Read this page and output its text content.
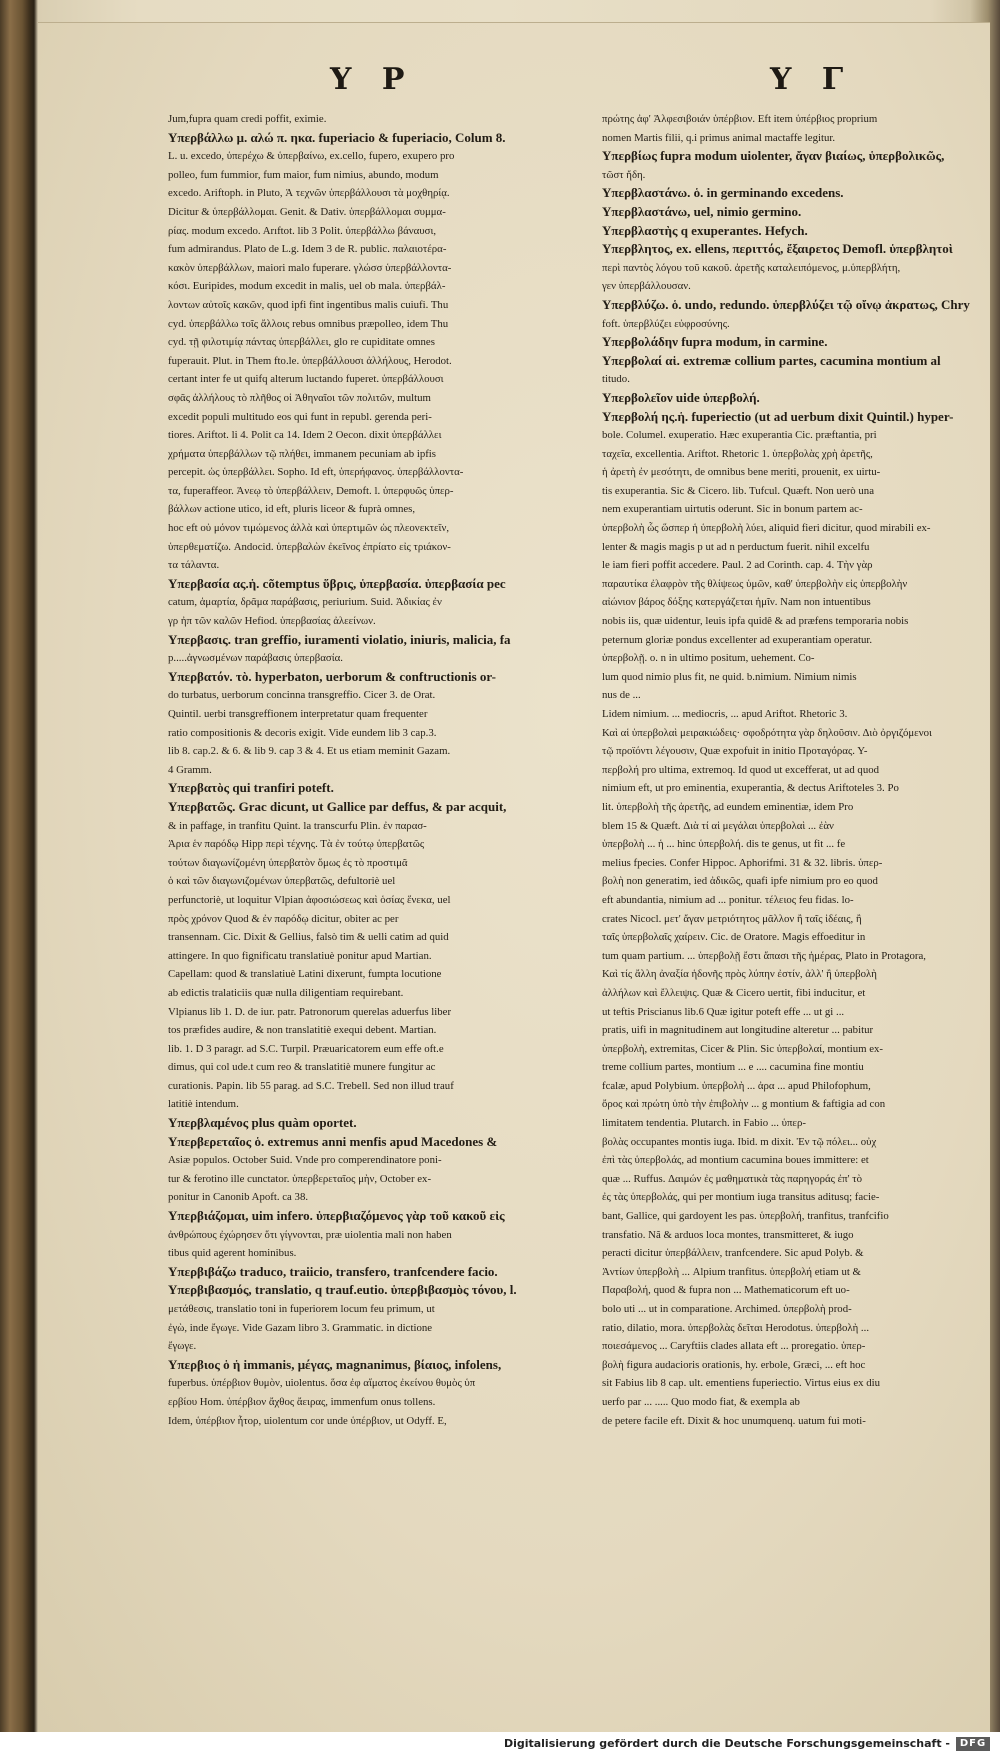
Υ Ρ	Υ Γ
Jum,fupra quam credi poffit, eximie.
Υπερβάλλω μ. αλώ π. ηκα. fuperiacio & fuperiacio, Colum 8.
L. u. excedo, ὑπερέχω & ὑπερβαίνω, ex.cello, fupero, exupero pro
polleo, fum fummior, fum maior, fum nimius, abundo, modum
excedo. Ariftoph. in Pluto, Ἀ τεχνῶν ὑπερβάλλουσι τὰ μοχθηρίᾳ.
Dicitur & ὑπερβάλλομαι. Genit. & Dativ. ὑπερβάλλομαι συμμα-
ρίας. modum excedo. Arıftot. lib 3 Polit. ὑπερβάλλω βάναυσι,
fum admirandus. Plato de L.g. Idem 3 de R. public. παλαιοτέρα-
κακὸν ὑπερβάλλων, maiori malo fuperare. γλώσσ ὑπερβάλλοντα-
κόσι. Euripides, modum excedit in malis, uel ob mala. ὑπερβάλ-
λοντων αὐτοῖς κακῶν, quod ipfi fint ingentibus malis cuiufi. Thu
cyd. ὑπερβάλλω τοῖς ἄλλοις rebus omnibus præpolleo, idem Thu
cyd. τῇ φιλοτιμίᾳ πάντας ὑπερβάλλει, glo re cupiditate omnes
fuperauit. Plut. in Them fto.le. ὑπερβάλλουσι ἀλλήλους, Herodot.
certant inter fe ut quifq alterum luctando fuperet. ὑπερβάλλουσι
σφᾶς ἀλλήλους τὸ πλῆθος οἱ Ἀθηναῖοι τῶν πολιτῶν, multum
excedit populi multitudo eos qui funt in republ. gerenda peri-
tiores. Ariftot. li 4. Polit ca 14. Idem 2 Oecon. dixit ὑπερβάλλει
χρήματα ὑπερβάλλων τῷ πλήθει, immanem pecuniam ab ipfis
percepit. ὡς ὑπερβάλλει. Sopho. Id eft, ὑπερήφανος. ὑπερβάλλοντα-
τα, fuperaffeor. Ἀνεῳ τὸ ὑπερβάλλειν, Demoft. l. ὑπερφυῶς ὑπερ-
βάλλων actione utico, id eft, pluris liceor & fuprà omnes,
hoc eft οὐ μόνον τιμώμενος ἀλλὰ καὶ ὑπερτιμῶν ὡς πλεονεκτεῖν,
ὑπερθεματίζω. Andocid. ὑπερβαλὼν ἐκεῖνος ἐπρίατο εἰς τριάκον-
τα τάλαντα.
Υπερβασία ας.ἡ. cõtemptus ὕβρις, ὑπερβασία. ὑπερβασία pec
catum, ἁμαρτία, δρᾶμα παράβασις, periurium. Suid. Ἀδικίας ἐν
γρ ἠπ τῶν καλῶν Hefiod. ὑπερβασίας ἀλεείνων.
Υπερβασις. tran greffio, iuramenti violatio, iniuris, malicia, fa
p.....ἀγνωσμένων παράβασις ὑπερβασία.
Υπερβατόν. τὸ. hyperbaton, uerborum & conftructionis or-
do turbatus, uerborum concinna transgreffio. Cicer 3. de Orat.
Quintil. uerbi transgreffionem interpretatur quam frequenter
ratio compositionis & decoris exigit. Vide eundem lib 3 cap.3.
lib 8. cap.2. & 6. & lib 9. cap 3 & 4. Et us etiam meminit Gazam.
4 Gramm.
Υπερβατὸς qui tranfiri poteft.
Υπερβατῶς. Grac dicunt, ut Gallice par deffus, & par acquit,
& in paffage, in tranfitu Quint. la transcurfu Plin. ἐν παρασ-
Ἀρια ἑν παρόδῳ Hipp περὶ τέχνης. Τὰ ἐν τούτῳ ὑπερβατῶς
τούτων διαγωνίζομένη ὑπερβατὸν ὅμως ἐς τὸ προστιμᾶ
ὁ καὶ τῶν διαγωνιζομένων ὑπερβατῶς, defultoriè uel
perfunctoriè, ut loquitur Vlpian ἀφοσιώσεως καὶ ὁσίας ἕνεκα, uel
πρὸς χρόνον Quod & ἐν παρόδῳ dicitur, obiter ac per
transennam. Cic. Dixit & Gellius, falsò tim & uelli catim ad quid
attingere. In quo fignificatu translatiuè ponitur apud Martian.
Capellam: quod & translatiuè Latini dixerunt, fumpta locutione
ab edictis tralaticiis quæ nulla diligentiam requirebant.
Vlpianus lib 1. D. de iur. patr. Patronorum querelas aduerfus liber
tos præfides audire, & non translatitiè exequi debent. Martian.
lib. 1. D 3 paragr. ad S.C. Turpil. Præuaricatorem eum effe oft.e
dimus, qui col ude.t cum reo & translatitiè munere fungitur ac
curationis. Papin. lib 55 parag. ad S.C. Trebell. Sed non illud trauf
latitiè intendum.
Υπερβλαμένος plus quàm oportet.
Υπερβερεταῖος ὁ. extremus anni menfis apud Macedones &
Asiæ populos. October Suid. Vnde pro comperendinatore poni-
tur & ferotino ille cunctator. ὑπερβερεταῖος μὴν, October ex-
ponitur in Canonib Apoft. ca 38.
Υπερβιάζομαι, uim infero. ὑπερβιαζόμενος γὰρ τοῦ κακοῦ εἰς
ἀνθρώπους ἐχώρησεν ὅτι γίγνονται, præ uiolentia mali non haben
tibus quid agerent hominibus.
Υπερβιβάζω traduco, traiicio, transfero, tranfcendere facio.
Υπερβιβασμός, translatio, q trauf.eutio. ὑπερβιβασμὸς τόνου, l.
μετάθεσις, translatio toni in fuperiorem locum feu primum, ut
ἐγὼ, inde ἔγωγε. Vide Gazam libro 3. Grammatic. in dictione
ἔγωγε.
Υπερβιος ὁ ἡ immanis, μέγας, magnanimus, βίαιος, infolens,
fuperbus. ὑπέρβιον θυμὸν, uiolentus. ὅσα ἐφ αἵματος ἐκείνου θυμὸς ὑπ
ερβίου Hom. ὑπέρβιον ἄχθος ἄειρας, immenfum onus tollens.
Idem, ὑπέρβιον ἦτορ, uiolentum cor unde ὑπέρβιον, ut Odyff. E,
πρώτης ἀφ' Ἀλφεσιβοιάν ὑπέρβιον. Eft item ὑπέρβιος proprium
nomen Martis filii, q.i primus animal mactaffe legitur.
Υπερβίως fupra modum uiolenter, ἄγαν βιαίως, ὑπερβολικῶς,
τῶστ ἤδη.
Υπερβλαστάνω. ὁ. in germinando excedens.
Υπερβλαστάνω, uel, nimio germino.
Υπερβλαστὴς q exuperantes. Hefych.
Υπερβλητος, ex. ellens, περιττός, ἔξαιρετος Demofl. ὑπερβλητοὶ
περὶ παντὸς λόγου τοῦ κακοῦ. ἀρετῆς καταλειπόμενος, μ.ὑπερβλήτη,
γεν ὑπερβάλλουσαν.
Υπερβλύζω. ὁ. undo, redundo. ὑπερβλύζει τῷ οἴνῳ ἀκρατως, Chry
foft. ὑπερβλύζει εὐφροσύνης.
Υπερβολάδην fupra modum, in carmine.
Υπερβολαί αἱ. extremæ collium partes, cacumina montium al
titudo.
Υπερβολεῖον uide ὑπερβολή.
Υπερβολή ης.ἡ. fuperiectio (ut ad uerbum dixit Quintil.) hyper-
bole. Columel. exuperatio. Hæc exuperantia Cic. præftantia, pri
ταχεῖα, excellentia. Ariftot. Rhetoric 1. ὑπερβολὰς χρὴ ἀρετῆς,
ἡ ἀρετὴ ἐν μεσότητι, de omnibus bene meriti, prouenit, ex uirtu-
tis exuperantia. Sic & Cicero. lib. Tufcul. Quæft. Non uerò una
nem exuperantiam uirtutis oderunt. Sic in bonum partem ac-
ὑπερβολὴ ὧς ὥσπερ ἡ ὑπερβολὴ λύει, aliquid fieri dicitur, quod mirabili ex-
lenter & magis magis p ut ad n perductum fuerit. nihil excelfu
le iam fieri poffit accedere. Paul. 2 ad Corinth. cap. 4. Τὴν γὰρ
παραυτίκα ἐλαφρὸν τῆς θλίψεως ὑμῶν, καθ' ὑπερβολὴν εἰς ὑπερβολὴν
αἰώνιον βάρος δόξης κατεργάζεται ἡμῖν. Nam non intuentibus
nobis iis, quæ uidentur, leuis ipfa quidê & ad præfens temporaria nobis
peternum gloriæ pondus excellenter ad exuperantiam operatur.
ὑπερβολῇ. o. n in ultimo positum, uehement. Co-
lum quod nimio plus fit, ne quid. b.nimium. Nimium nimis
nus de ...
Lidem nimium. ... mediocris, ... apud Ariftot. Rhetoric 3.
Καὶ αἱ ὑπερβολαὶ μειρακιώδεις· σφοδρότητα γὰρ δηλοῦσιν. Διὸ ὀργιζόμενοι
τῷ προϊόντι λέγουσιν, Quæ expofuit in initio Προταγόρας. Υ-
περβολή pro ultima, extremoq. Id quod ut excefferat, ut ad quod
nimium eft, ut pro eminentia, exuperantia, & dectus Ariftoteles 3. Po
lit. ὑπερβολὴ τῆς ἀρετῆς, ad eundem eminentiæ, idem Pro
blem 15 & Quæft. Διὰ τί αἱ μεγάλαι ὑπερβολαὶ ... ἐὰν
ὑπερβολὴ ... ἡ ... hinc ὑπερβολή. dis te genus, ut fit ... fe
melius fpecies. Confer Hippoc. Aphorifmi. 31 & 32. libris. ὑπερ-
βολὴ non generatim, ied ἀδικῶς, quafi ipfe nimium pro eo quod
eft abundantia, nimium ad ... ponitur. τέλειος feu fidas. lo-
crates Nicocl. μετ' ἄγαν μετριότητος μᾶλλον ἢ ταῖς ἰδέαις, ἢ
ταῖς ὑπερβολαῖς χαίρειν. Cic. de Oratore. Magis effoeditur in
tum quam partium. ... ὑπερβολῇ ἔστι ἅπασι τῆς ἡμέρας, Plato in Protagora,
Καὶ τίς ἄλλη ἀναξία ἡδονῆς πρὸς λύπην ἐστίν, ἀλλ' ἢ ὑπερβολὴ
ἀλλήλων καὶ ἔλλειψις. Quæ & Cicero uertit, fibi inducitur, et
ut teftis Priscianus lib.6 Quæ igitur poteft effe ... ut gi ...
pratis, uifi in magnitudinem aut longitudine alteretur ... pabitur
ὑπερβολὴ, extremitas, Cicer & Plin. Sic ὑπερβολαί, montium ex-
treme collium partes, montium ... e .... cacumina fine montiu
fcalæ, apud Polybium. ὑπερβολὴ ... ἀρα ... apud Philofophum,
ὄρος καὶ πρώτη ὑπὸ τὴν ἐπιβολὴν ... g montium & faftigia ad con
limitatem tendentia. Plutarch. in Fabio ... ὑπερ-
βολὰς occupantes montis iuga. Ibid. m dixit. Ἐν τῷ πόλει... οὐχ
ἐπὶ τὰς ὑπερβολάς, ad montium cacumina boues immittere: et
quæ ... Ruffus. Δαιμών ἐς μαθηματικὰ τὰς παρηγοράς ἐπ' τὸ
ἐς τὰς ὑπερβολάς, qui per montium iuga transitus aditusq; facie-
bant, Gallice, qui gardoyent les pas. ὑπερβολή, tranfitus, tranfcifio
transfatio. Nã & arduos loca montes, transmitteret, & iugo
peracti dicitur ὑπερβάλλειν, tranfcendere. Sic apud Polyb. &
Ἀντίων ὑπερβολὴ ... Alpium tranfitus. ὑπερβολή etiam ut &
Παραβολή, quod & fupra non ... Mathematicorum eft uo-
bolo uti ... ut in comparatione. Archimed. ὑπερβολὴ prod-
ratio, dilatio, mora. ὑπερβολὰς δεῖται Herodotus. ὑπερβολὴ ...
ποιεσάμενος ... Caryftiis clades allata eft ... proregatio. ὑπερ-
βολὴ figura audacioris orationis, hy. erbole, Græci, ... eft hoc
sit Fabius lib 8 cap. ult. ementiens fuperiectio. Virtus eius ex diu
uerfo par ... ..... Quo modo fiat, & exempla ab
de petere facile eft. Dixit & hoc unumquenq. uatum fui moti-
Digitalisierung gefördert durch die Deutsche Forschungsgemeinschaft - DFG
